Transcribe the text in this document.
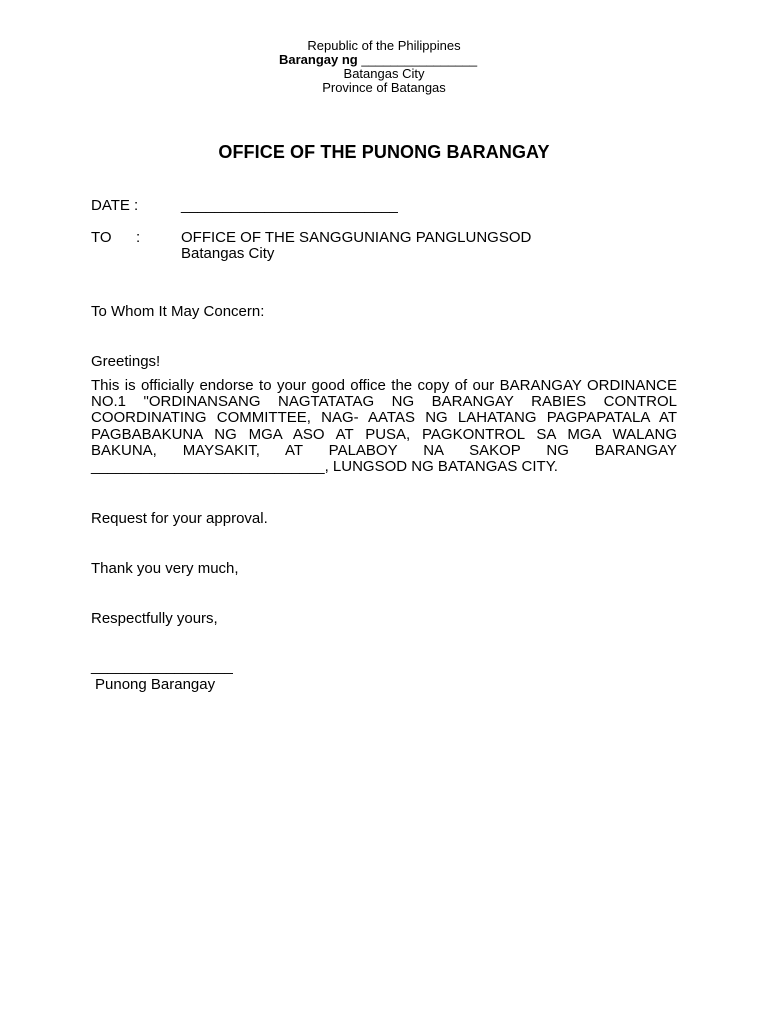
Republic of the Philippines
Barangay ng ________________
Batangas City
Province of Batangas
OFFICE OF THE PUNONG BARANGAY
DATE :	__________________________
TO :	OFFICE OF THE SANGGUNIANG PANGLUNGSOD
Batangas City
To Whom It May Concern:
Greetings!
This is officially endorse to your good office the copy of our BARANGAY ORDINANCE NO.1 "ORDINANSANG NAGTATATAG NG BARANGAY RABIES CONTROL COORDINATING COMMITTEE, NAG- AATAS NG LAHATANG PAGPAPATALA AT PAGBABAKUNA NG MGA ASO AT PUSA, PAGKONTROL SA MGA WALANG BAKUNA, MAYSAKIT, AT PALABOY NA SAKOP NG BARANGAY ____________________________, LUNGSOD NG BATANGAS CITY.
Request for your approval.
Thank you very much,
Respectfully yours,
_________________
Punong Barangay
